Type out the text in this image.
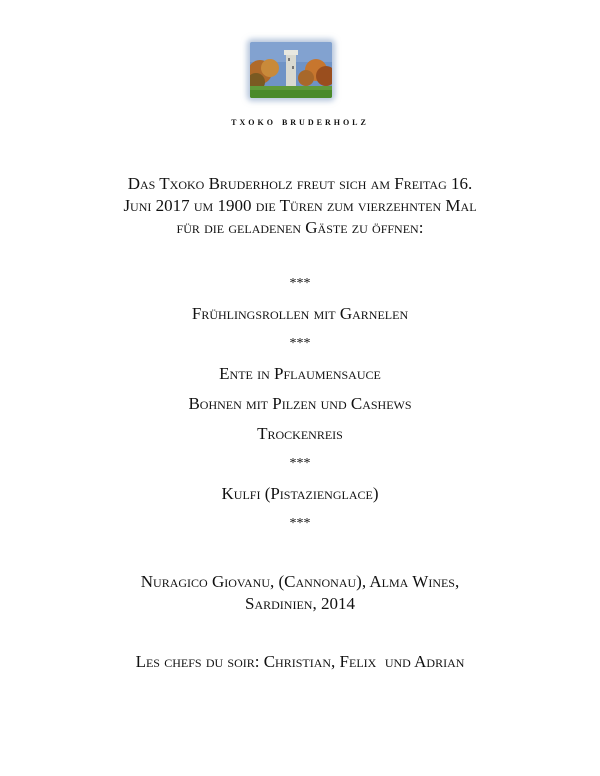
txoko bruderholz
Das Txoko Bruderholz freut sich am Freitag 16.
Juni 2017 um 1900 die Türen zum vierzehnten Mal
für die geladenen Gäste zu öffnen:
***
Frühlingsrollen mit Garnelen
***
Ente in Pflaumensauce
Bohnen mit Pilzen und Cashews
Trockenreis
***
Kulfi (Pistazienglace)
***
Nuragico Giovanu, (Cannonau), Alma Wines,
Sardinien, 2014
Les chefs du soir: Christian, Felix  und Adrian
